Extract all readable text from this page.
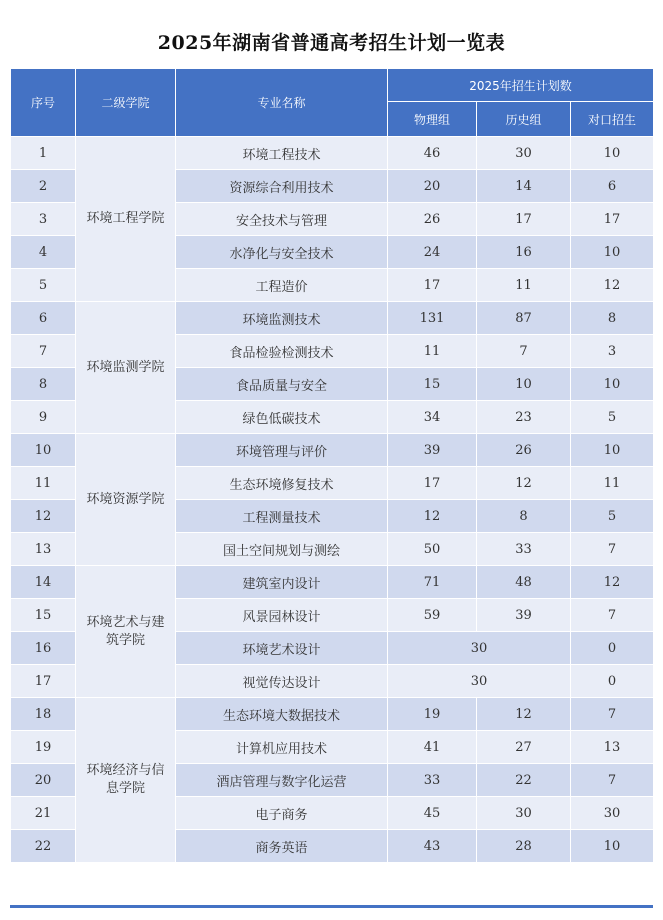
2025年湖南省普通高考招生计划一览表
序号	二级学院	专业名称	2025年招生计划数		
			物理组	历史组	对口招生
1	环境工程学院	环境工程技术	46	30	10
2		资源综合利用技术	20	14	6
3		安全技术与管理	26	17	17
4		水净化与安全技术	24	16	10
5		工程造价	17	11	12
6	环境监测学院	环境监测技术	131	87	8
7		食品检验检测技术	11	7	3
8		食品质量与安全	15	10	10
9		绿色低碳技术	34	23	5
10	环境资源学院	环境管理与评价	39	26	10
11		生态环境修复技术	17	12	11
12		工程测量技术	12	8	5
13		国土空间规划与测绘	50	33	7
14	环境艺术与建筑学院	建筑室内设计	71	48	12
15		风景园林设计	59	39	7
16		环境艺术设计	30		0
17		视觉传达设计	30		0
18	环境经济与信息学院	生态环境大数据技术	19	12	7
19		计算机应用技术	41	27	13
20		酒店管理与数字化运营	33	22	7
21		电子商务	45	30	30
22		商务英语	43	28	10
